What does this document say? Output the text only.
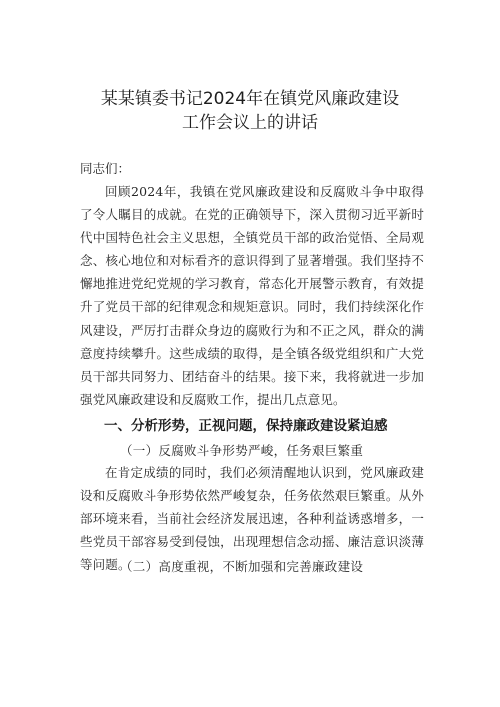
某某镇委书记2024年在镇党风廉政建设
工作会议上的讲话
同志们：

回顾2024年，我镇在党风廉政建设和反腐败斗争中取得了令人瞩目的成就。在党的正确领导下，深入贯彻习近平新时代中国特色社会主义思想，全镇党员干部的政治觉悟、全局观念、核心地位和对标看齐的意识得到了显著增强。我们坚持不懈地推进党纪党规的学习教育，常态化开展警示教育，有效提升了党员干部的纪律观念和规矩意识。同时，我们持续深化作风建设，严厉打击群众身边的腐败行为和不正之风，群众的满意度持续攀升。这些成绩的取得，是全镇各级党组织和广大党员干部共同努力、团结奋斗的结果。接下来，我将就进一步加强党风廉政建设和反腐败工作，提出几点意见。

一、分析形势，正视问题，保持廉政建设紧迫感
（一）反腐败斗争形势严峻，任务艰巨繁重

在肯定成绩的同时，我们必须清醒地认识到，党风廉政建设和反腐败斗争形势依然严峻复杂，任务依然艰巨繁重。从外部环境来看，当前社会经济发展迅速，各种利益诱惑增多，一些党员干部容易受到侵蚀，出现理想信念动摇、廉洁意识淡薄等问题。

（二）高度重视，不断加强和完善廉政建设
